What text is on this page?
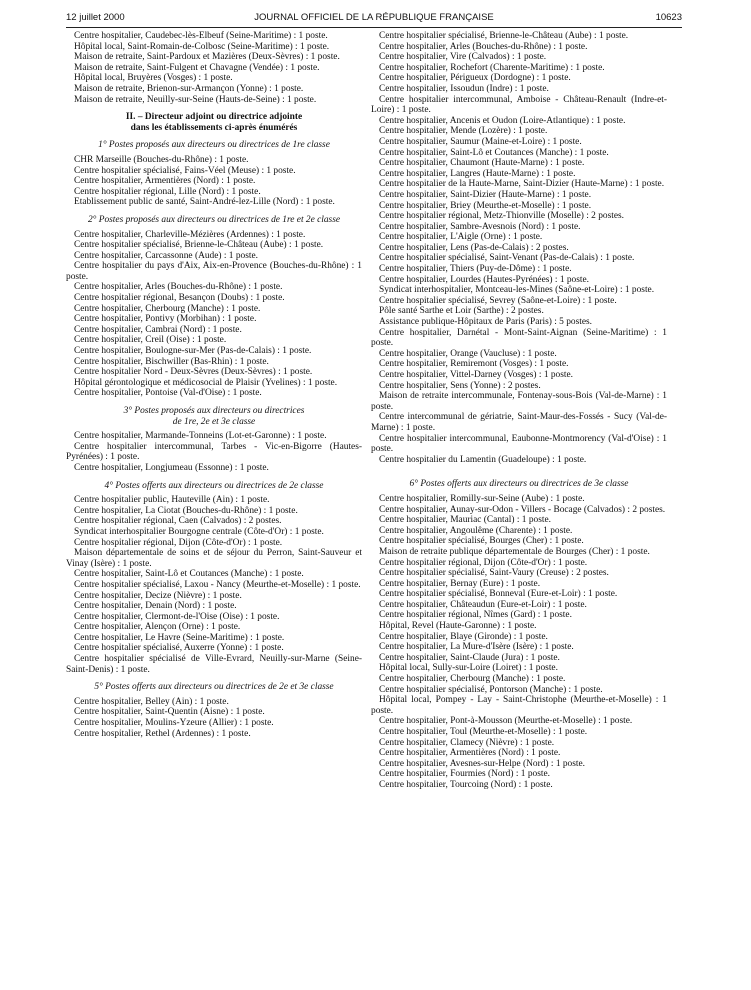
12 juillet 2000	JOURNAL OFFICIEL DE LA RÉPUBLIQUE FRANÇAISE	10623

Centre hospitalier, Caudebec-lès-Elbeuf (Seine-Maritime) : 1 poste.

Hôpital local, Saint-Romain-de-Colbosc (Seine-Maritime) : 1 poste.

Maison de retraite, Saint-Pardoux et Mazières (Deux-Sèvres) : 1 poste.

Maison de retraite, Saint-Fulgent et Chavagne (Vendée) : 1 poste.

Hôpital local, Bruyères (Vosges) : 1 poste.

Maison de retraite, Brienon-sur-Armançon (Yonne) : 1 poste.

Maison de retraite, Neuilly-sur-Seine (Hauts-de-Seine) : 1 poste.

II. – Directeur adjoint ou directrice adjointe

dans les établissements ci-après énumérés

1° Postes proposés aux directeurs ou directrices de 1re classe

CHR Marseille (Bouches-du-Rhône) : 1 poste.

Centre hospitalier spécialisé, Fains-Véel (Meuse) : 1 poste.

Centre hospitalier, Armentières (Nord) : 1 poste.

Centre hospitalier régional, Lille (Nord) : 1 poste.

Etablissement public de santé, Saint-André-lez-Lille (Nord) : 1 poste.

2° Postes proposés aux directeurs ou directrices de 1re et 2e classe

Centre hospitalier, Charleville-Mézières (Ardennes) : 1 poste.

Centre hospitalier spécialisé, Brienne-le-Château (Aube) : 1 poste.

Centre hospitalier, Carcassonne (Aude) : 1 poste.

Centre hospitalier du pays d'Aix, Aix-en-Provence (Bouches-du-Rhône) : 1 poste.

Centre hospitalier, Arles (Bouches-du-Rhône) : 1 poste.

Centre hospitalier régional, Besançon (Doubs) : 1 poste.

Centre hospitalier, Cherbourg (Manche) : 1 poste.

Centre hospitalier, Pontivy (Morbihan) : 1 poste.

Centre hospitalier, Cambrai (Nord) : 1 poste.

Centre hospitalier, Creil (Oise) : 1 poste.

Centre hospitalier, Boulogne-sur-Mer (Pas-de-Calais) : 1 poste.

Centre hospitalier, Bischwiller (Bas-Rhin) : 1 poste.

Centre hospitalier Nord - Deux-Sèvres (Deux-Sèvres) : 1 poste.

Hôpital gérontologique et médicosocial de Plaisir (Yvelines) : 1 poste.

Centre hospitalier, Pontoise (Val-d'Oise) : 1 poste.

3° Postes proposés aux directeurs ou directrices

de 1re, 2e et 3e classe

Centre hospitalier, Marmande-Tonneins (Lot-et-Garonne) : 1 poste.

Centre hospitalier intercommunal, Tarbes - Vic-en-Bigorre (Hautes-Pyrénées) : 1 poste.

Centre hospitalier, Longjumeau (Essonne) : 1 poste.

4° Postes offerts aux directeurs ou directrices de 2e classe

Centre hospitalier public, Hauteville (Ain) : 1 poste.

Centre hospitalier, La Ciotat (Bouches-du-Rhône) : 1 poste.

Centre hospitalier régional, Caen (Calvados) : 2 postes.

Syndicat interhospitalier Bourgogne centrale (Côte-d'Or) : 1 poste.

Centre hospitalier régional, Dijon (Côte-d'Or) : 1 poste.

Maison départementale de soins et de séjour du Perron, Saint-Sauveur et Vinay (Isère) : 1 poste.

Centre hospitalier, Saint-Lô et Coutances (Manche) : 1 poste.

Centre hospitalier spécialisé, Laxou - Nancy (Meurthe-et-Moselle) : 1 poste.

Centre hospitalier, Decize (Nièvre) : 1 poste.

Centre hospitalier, Denain (Nord) : 1 poste.

Centre hospitalier, Clermont-de-l'Oise (Oise) : 1 poste.

Centre hospitalier, Alençon (Orne) : 1 poste.

Centre hospitalier, Le Havre (Seine-Maritime) : 1 poste.

Centre hospitalier spécialisé, Auxerre (Yonne) : 1 poste.

Centre hospitalier spécialisé de Ville-Evrard, Neuilly-sur-Marne (Seine-Saint-Denis) : 1 poste.

5° Postes offerts aux directeurs ou directrices de 2e et 3e classe

Centre hospitalier, Belley (Ain) : 1 poste.

Centre hospitalier, Saint-Quentin (Aisne) : 1 poste.

Centre hospitalier, Moulins-Yzeure (Allier) : 1 poste.

Centre hospitalier, Rethel (Ardennes) : 1 poste.

Centre hospitalier spécialisé, Brienne-le-Château (Aube) : 1 poste.

Centre hospitalier, Arles (Bouches-du-Rhône) : 1 poste.

Centre hospitalier, Vire (Calvados) : 1 poste.

Centre hospitalier, Rochefort (Charente-Maritime) : 1 poste.

Centre hospitalier, Périgueux (Dordogne) : 1 poste.

Centre hospitalier, Issoudun (Indre) : 1 poste.

Centre hospitalier intercommunal, Amboise - Château-Renault (Indre-et-Loire) : 1 poste.

Centre hospitalier, Ancenis et Oudon (Loire-Atlantique) : 1 poste.

Centre hospitalier, Mende (Lozère) : 1 poste.

Centre hospitalier, Saumur (Maine-et-Loire) : 1 poste.

Centre hospitalier, Saint-Lô et Coutances (Manche) : 1 poste.

Centre hospitalier, Chaumont (Haute-Marne) : 1 poste.

Centre hospitalier, Langres (Haute-Marne) : 1 poste.

Centre hospitalier de la Haute-Marne, Saint-Dizier (Haute-Marne) : 1 poste.

Centre hospitalier, Saint-Dizier (Haute-Marne) : 1 poste.

Centre hospitalier, Briey (Meurthe-et-Moselle) : 1 poste.

Centre hospitalier régional, Metz-Thionville (Moselle) : 2 postes.

Centre hospitalier, Sambre-Avesnois (Nord) : 1 poste.

Centre hospitalier, L'Aigle (Orne) : 1 poste.

Centre hospitalier, Lens (Pas-de-Calais) : 2 postes.

Centre hospitalier spécialisé, Saint-Venant (Pas-de-Calais) : 1 poste.

Centre hospitalier, Thiers (Puy-de-Dôme) : 1 poste.

Centre hospitalier, Lourdes (Hautes-Pyrénées) : 1 poste.

Syndicat interhospitalier, Montceau-les-Mines (Saône-et-Loire) : 1 poste.

Centre hospitalier spécialisé, Sevrey (Saône-et-Loire) : 1 poste.

Pôle santé Sarthe et Loir (Sarthe) : 2 postes.

Assistance publique-Hôpitaux de Paris (Paris) : 5 postes.

Centre hospitalier, Darnétal - Mont-Saint-Aignan (Seine-Maritime) : 1 poste.

Centre hospitalier, Orange (Vaucluse) : 1 poste.

Centre hospitalier, Remiremont (Vosges) : 1 poste.

Centre hospitalier, Vittel-Darney (Vosges) : 1 poste.

Centre hospitalier, Sens (Yonne) : 2 postes.

Maison de retraite intercommunale, Fontenay-sous-Bois (Val-de-Marne) : 1 poste.

Centre intercommunal de gériatrie, Saint-Maur-des-Fossés - Sucy (Val-de-Marne) : 1 poste.

Centre hospitalier intercommunal, Eaubonne-Montmorency (Val-d'Oise) : 1 poste.

Centre hospitalier du Lamentin (Guadeloupe) : 1 poste.

6° Postes offerts aux directeurs ou directrices de 3e classe

Centre hospitalier, Romilly-sur-Seine (Aube) : 1 poste.

Centre hospitalier, Aunay-sur-Odon - Villers - Bocage (Calvados) : 2 postes.

Centre hospitalier, Mauriac (Cantal) : 1 poste.

Centre hospitalier, Angoulême (Charente) : 1 poste.

Centre hospitalier spécialisé, Bourges (Cher) : 1 poste.

Maison de retraite publique départementale de Bourges (Cher) : 1 poste.

Centre hospitalier régional, Dijon (Côte-d'Or) : 1 poste.

Centre hospitalier spécialisé, Saint-Vaury (Creuse) : 2 postes.

Centre hospitalier, Bernay (Eure) : 1 poste.

Centre hospitalier spécialisé, Bonneval (Eure-et-Loir) : 1 poste.

Centre hospitalier, Châteaudun (Eure-et-Loir) : 1 poste.

Centre hospitalier régional, Nîmes (Gard) : 1 poste.

Hôpital, Revel (Haute-Garonne) : 1 poste.

Centre hospitalier, Blaye (Gironde) : 1 poste.

Centre hospitalier, La Mure-d'Isère (Isère) : 1 poste.

Centre hospitalier, Saint-Claude (Jura) : 1 poste.

Hôpital local, Sully-sur-Loire (Loiret) : 1 poste.

Centre hospitalier, Cherbourg (Manche) : 1 poste.

Centre hospitalier spécialisé, Pontorson (Manche) : 1 poste.

Hôpital local, Pompey - Lay - Saint-Christophe (Meurthe-et-Moselle) : 1 poste.

Centre hospitalier, Pont-à-Mousson (Meurthe-et-Moselle) : 1 poste.

Centre hospitalier, Toul (Meurthe-et-Moselle) : 1 poste.

Centre hospitalier, Clamecy (Nièvre) : 1 poste.

Centre hospitalier, Armentières (Nord) : 1 poste.

Centre hospitalier, Avesnes-sur-Helpe (Nord) : 1 poste.

Centre hospitalier, Fourmies (Nord) : 1 poste.

Centre hospitalier, Tourcoing (Nord) : 1 poste.
